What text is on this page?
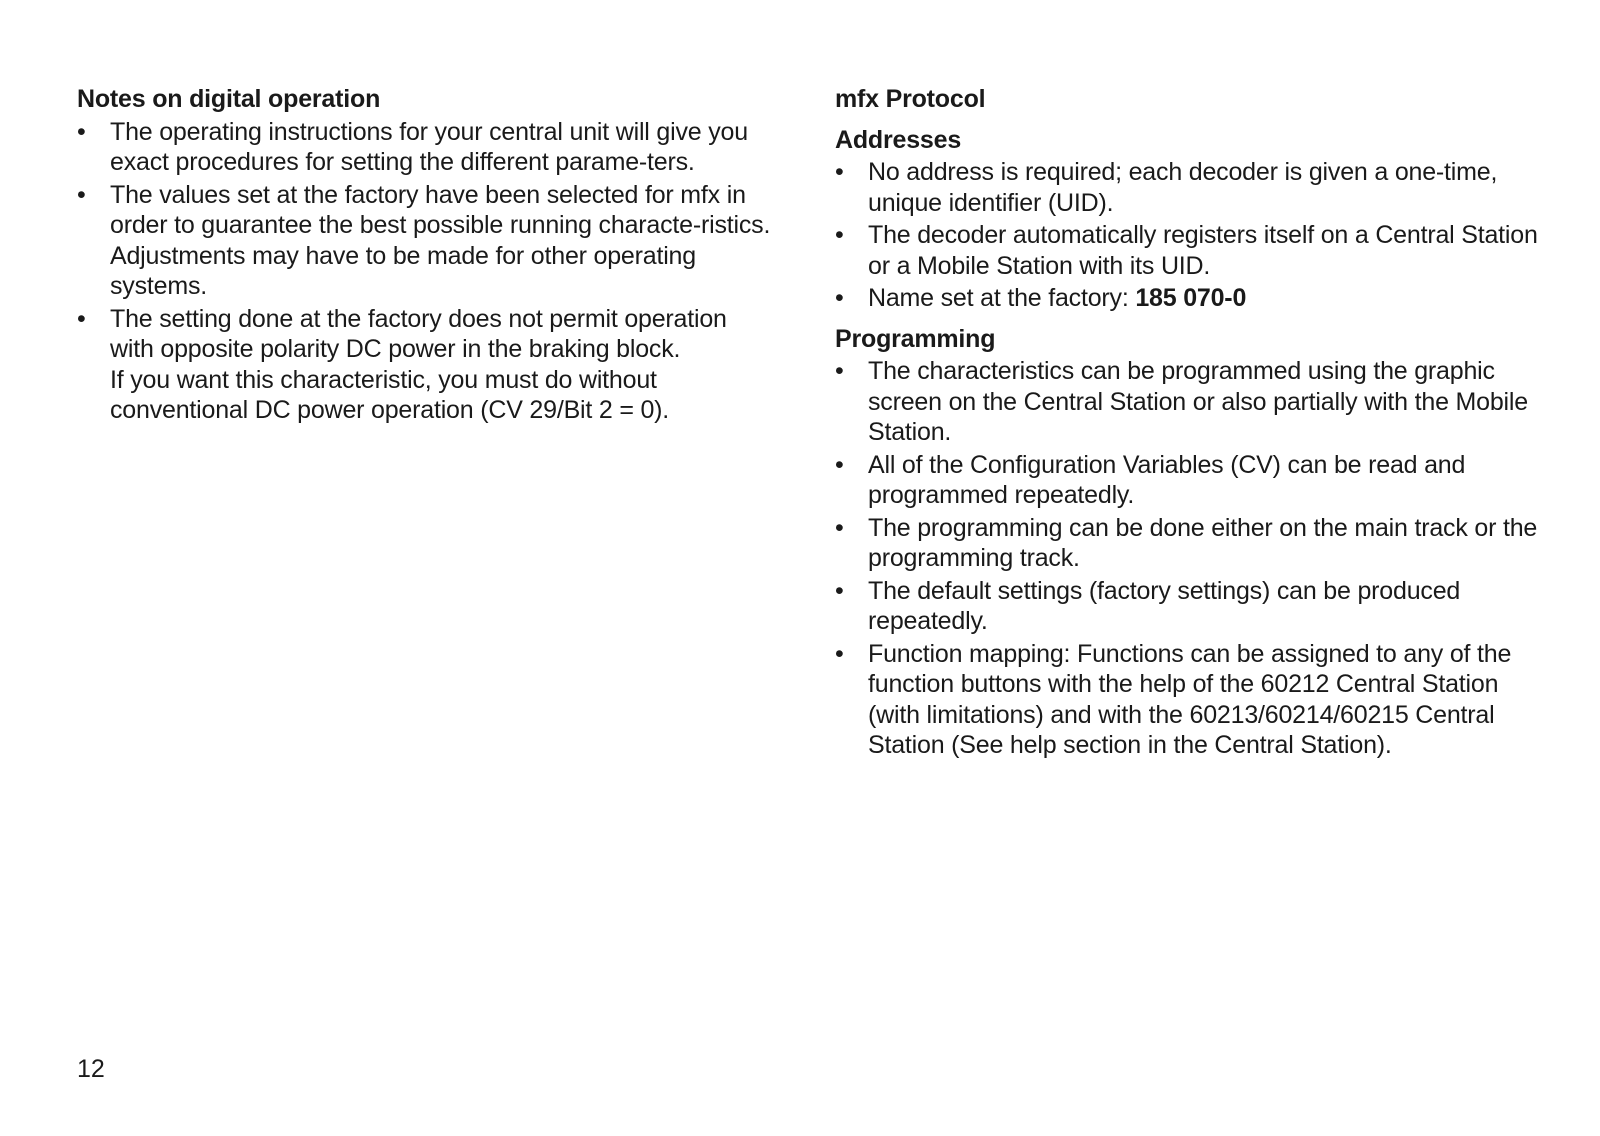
Notes on digital operation
• The operating instructions for your central unit will give you exact procedures for setting the different parame-ters.
• The values set at the factory have been selected for mfx in order to guarantee the best possible running characte-ristics.
Adjustments may have to be made for other operating systems.
• The setting done at the factory does not permit operation with opposite polarity DC power in the braking block.
If you want this characteristic, you must do without conventional DC power operation (CV 29/Bit 2 = 0).
mfx Protocol
Addresses
• No address is required; each decoder is given a one-time, unique identifier (UID).
• The decoder automatically registers itself on a Central Station or a Mobile Station with its UID.
• Name set at the factory: 185 070-0
Programming
• The characteristics can be programmed using the graphic screen on the Central Station or also partially with the Mobile Station.
• All of the Configuration Variables (CV) can be read and programmed repeatedly.
• The programming can be done either on the main track or the programming track.
• The default settings (factory settings) can be produced repeatedly.
• Function mapping: Functions can be assigned to any of the function buttons with the help of the 60212 Central Station (with limitations) and with the 60213/60214/60215 Central Station (See help section in the Central Station).
12
